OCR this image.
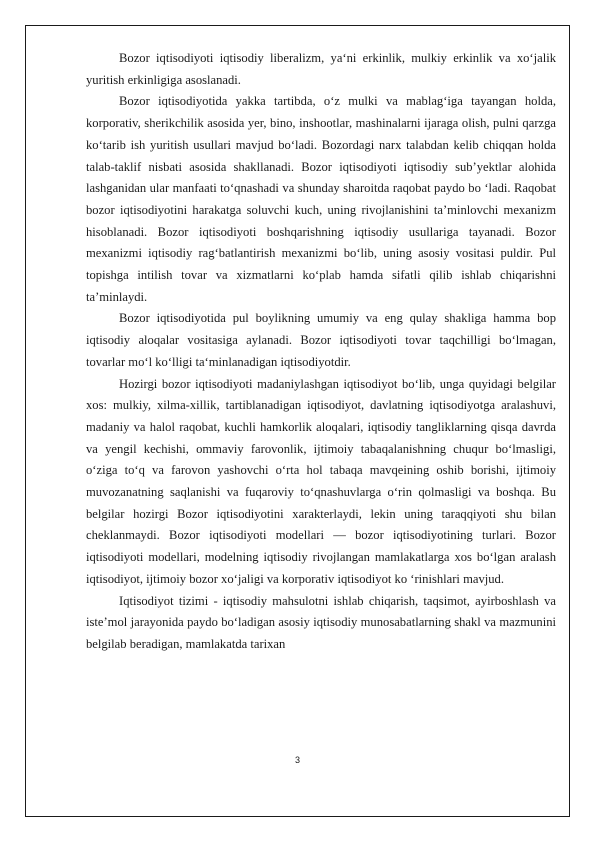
Bozor iqtisodiyoti iqtisodiy liberalizm, ya‘ni erkinlik, mulkiy erkinlik va xo‘jalik yuritish erkinligiga asoslanadi.

Bozor iqtisodiyotida yakka tartibda, o‘z mulki va mablag‘iga tayangan holda, korporativ, sherikchilik asosida yer, bino, inshootlar, mashinalarni ijaraga olish, pulni qarzga ko‘tarib ish yuritish usullari mavjud bo‘ladi. Bozordagi narx talabdan kelib chiqqan holda talab-taklif nisbati asosida shakllanadi. Bozor iqtisodiyoti iqtisodiy sub’yektlar alohida lashganidan ular manfaati to‘qnashadi va shunday sharoitda raqobat paydo bo ‘ladi. Raqobat bozor iqtisodiyotini harakatga soluvchi kuch, uning rivojlanishini ta’minlovchi mexanizm hisoblanadi. Bozor iqtisodiyoti boshqarishning iqtisodiy usullariga tayanadi. Bozor mexanizmi iqtisodiy rag‘batlantirish mexanizmi bo‘lib, uning asosiy vositasi puldir. Pul topishga intilish tovar va xizmatlarni ko‘plab hamda sifatli qilib ishlab chiqarishni ta’minlaydi.

Bozor iqtisodiyotida pul boylikning umumiy va eng qulay shakliga hamma bop iqtisodiy aloqalar vositasiga aylanadi. Bozor iqtisodiyoti tovar taqchilligi bo‘lmagan, tovarlar mo‘l ko‘lligi ta‘minlanadigan iqtisodiyotdir.

Hozirgi bozor iqtisodiyoti madaniylashgan iqtisodiyot bo‘lib, unga quyidagi belgilar xos: mulkiy, xilma-xillik, tartiblanadigan iqtisodiyot, davlatning iqtisodiyotga aralashuvi, madaniy va halol raqobat, kuchli hamkorlik aloqalari, iqtisodiy tangliklarning qisqa davrda va yengil kechishi, ommaviy farovonlik, ijtimoiy tabaqalanishning chuqur bo‘lmasligi, o‘ziga to‘q va farovon yashovchi o‘rta hol tabaqa mavqeining oshib borishi, ijtimoiy muvozanatning saqlanishi va fuqaroviy to‘qnashuvlarga o‘rin qolmasligi va boshqa. Bu belgilar hozirgi Bozor iqtisodiyotini xarakterlaydi, lekin uning taraqqiyoti shu bilan cheklanmaydi. Bozor iqtisodiyoti modellari — bozor iqtisodiyotining turlari. Bozor iqtisodiyoti modellari, modelning iqtisodiy rivojlangan mamlakatlarga xos bo‘lgan aralash iqtisodiyot, ijtimoiy bozor xo‘jaligi va korporativ iqtisodiyot ko ‘rinishlari mavjud.

Iqtisodiyot tizimi - iqtisodiy mahsulotni ishlab chiqarish, taqsimot, ayirboshlash va iste’mol jarayonida paydo bo‘ladigan asosiy iqtisodiy munosabatlarning shakl va mazmunini belgilab beradigan, mamlakatda tarixan

3
